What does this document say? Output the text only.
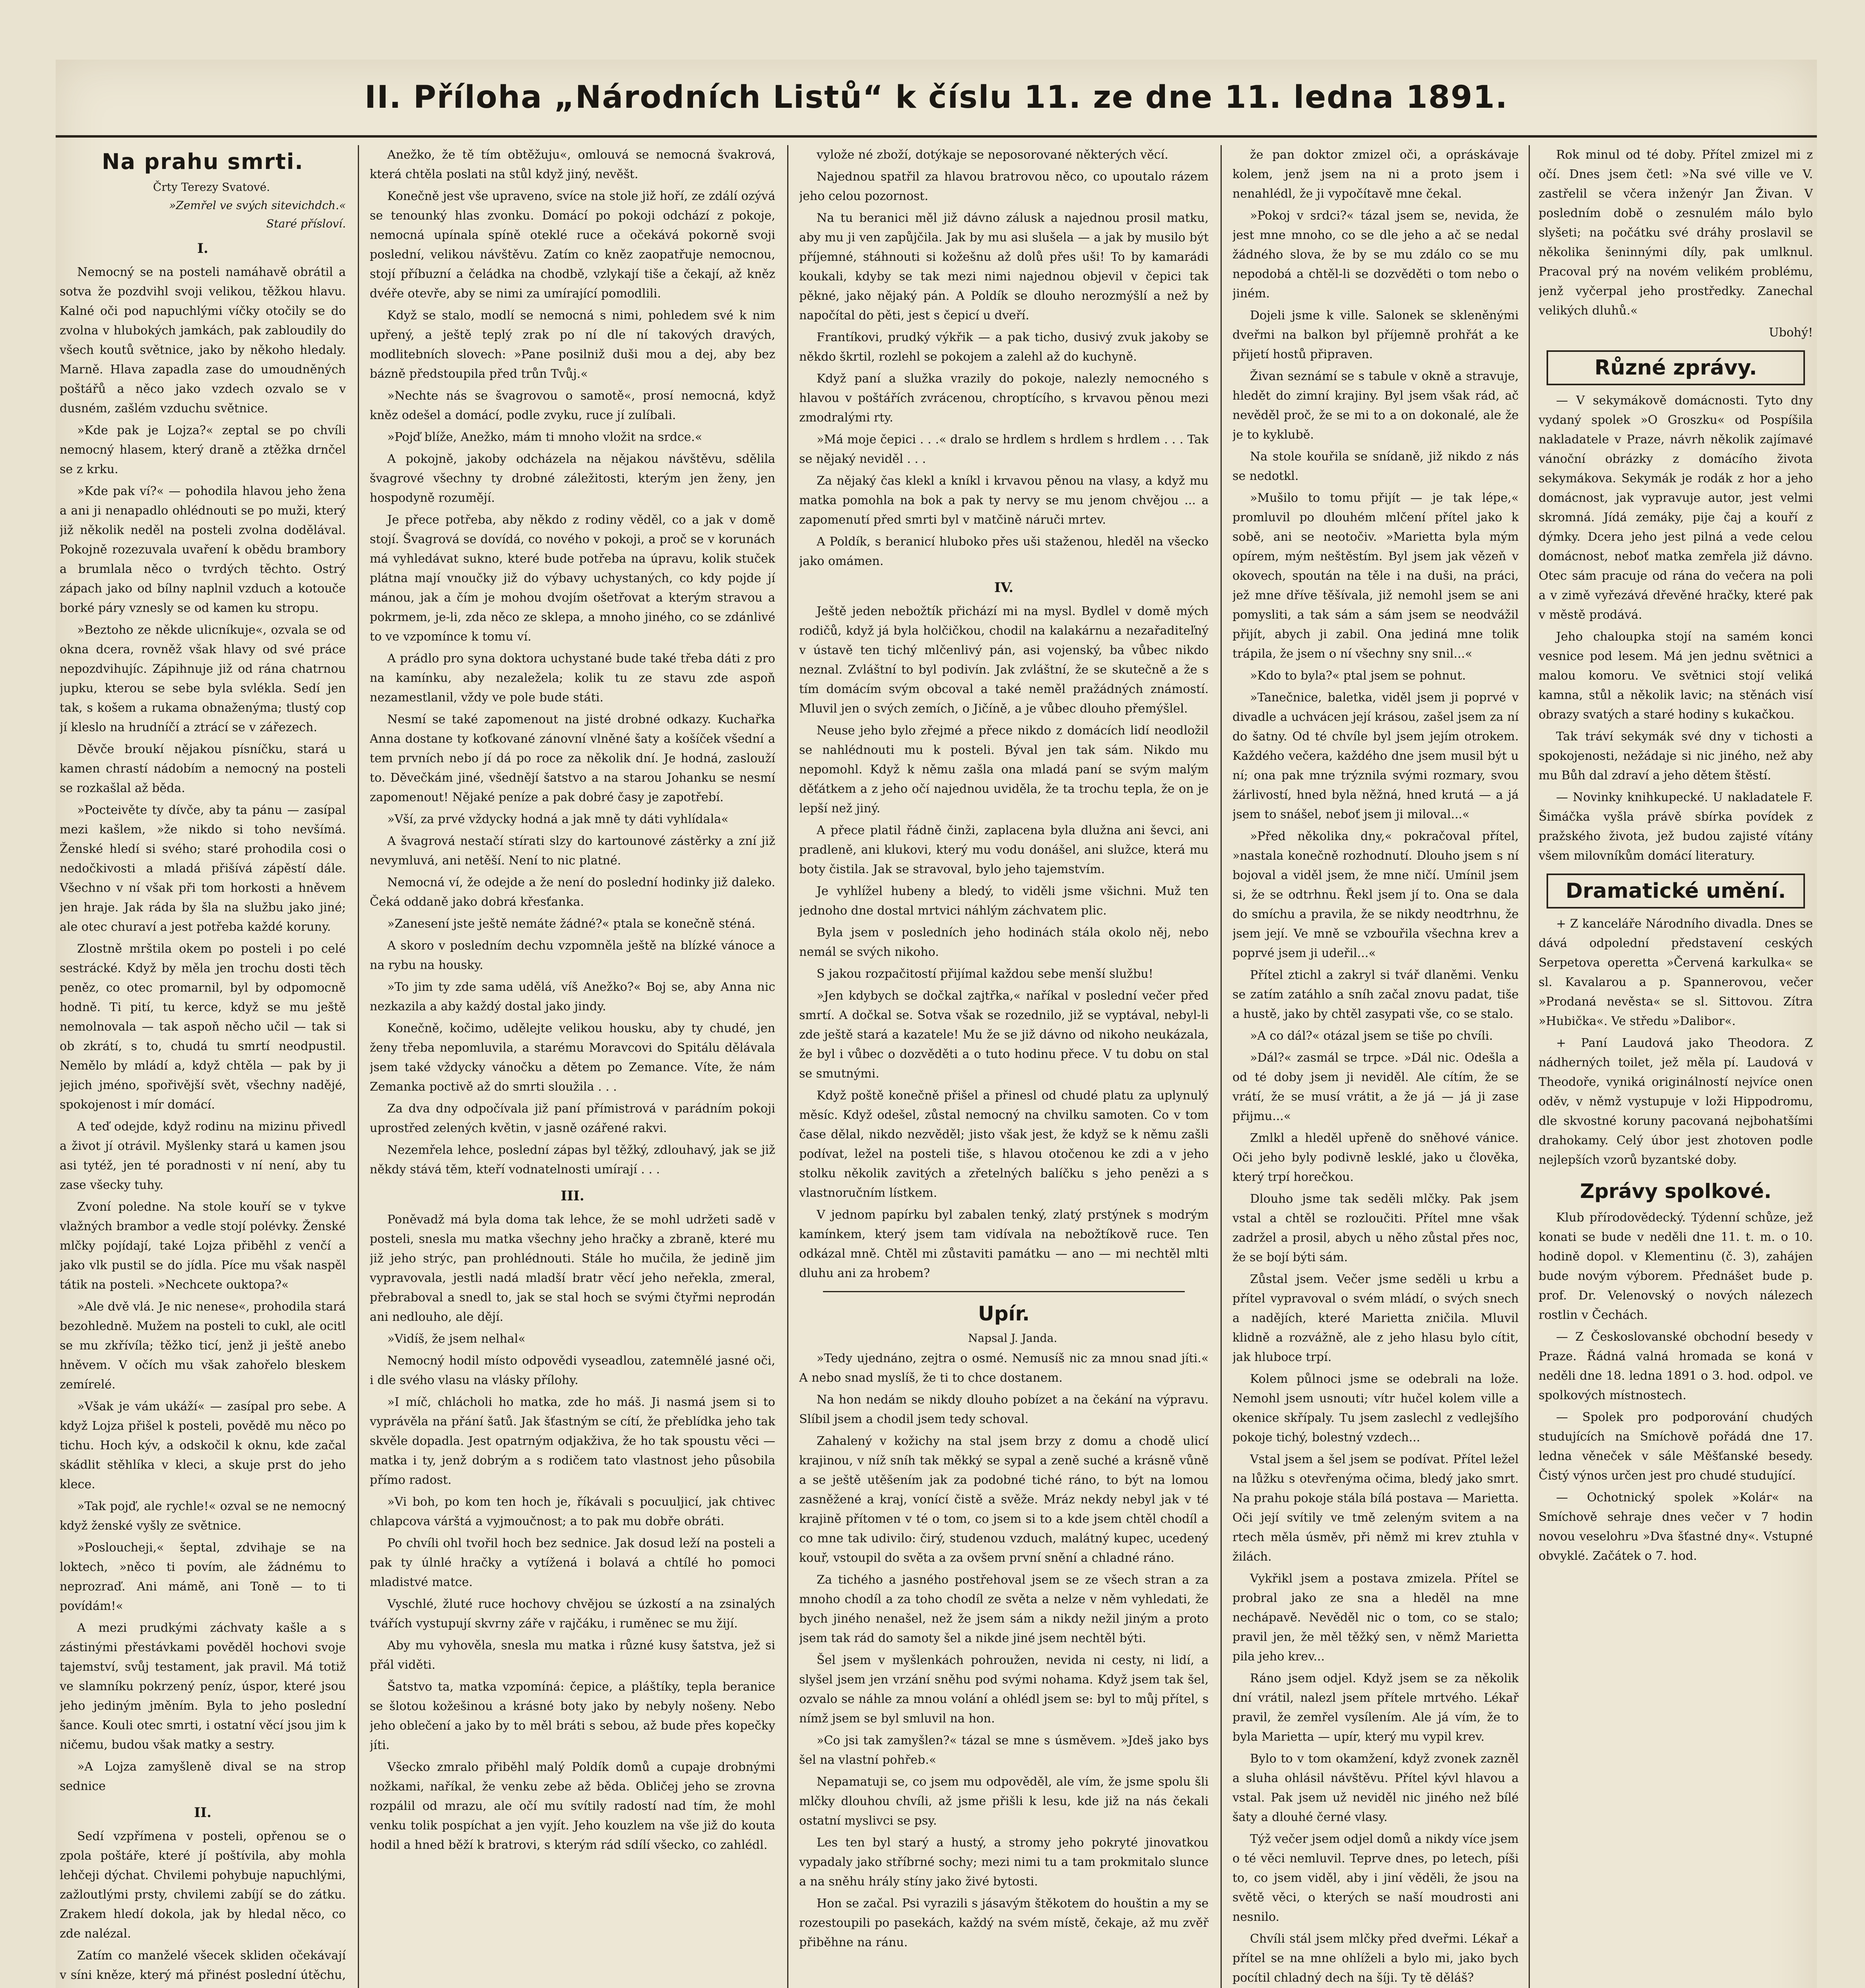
II. Příloha „Národních Listů“ k číslu 11. ze dne 11. ledna 1891.
Na prahu smrti.

Črty Terezy Svatové.

»Zemřel ve svých sitevichdch.«

Staré přísloví.

I.

Nemocný se na posteli namáhavě obrátil a sotva že pozdvihl svoji velikou, těžkou hlavu. Kalné oči pod napuchlými víčky otočily se do zvolna v hlubokých jamkách, pak zabloudily do všech koutů světnice, jako by někoho hledaly. Marně. Hlava zapadla zase do umoudněných poštářů a něco jako vzdech ozvalo se v dusném, zašlém vzduchu světnice.

»Kde pak je Lojza?« zeptal se po chvíli nemocný hlasem, který draně a ztěžka drnčel se z krku.

»Kde pak ví?« — pohodila hlavou jeho žena a ani ji nenapadlo ohlédnouti se po muži, který již několik neděl na posteli zvolna dodělával. Pokojně rozezuvala uvaření k obědu brambory a brumlala něco o tvrdých těchto. Ostrý zápach jako od bílny naplnil vzduch a kotouče borké páry vznesly se od kamen ku stropu.

»Beztoho ze někde ulicníkuje«, ozvala se od okna dcera, rovněž však hlavy od své práce nepozdvihujíc. Zápihnuje již od rána chatrnou jupku, kterou se sebe byla svlékla. Sedí jen tak, s košem a rukama obnaženýma; tlustý cop jí kleslo na hrudníčí a ztrácí se v zářezech.

Děvče broukí nějakou písníčku, stará u kamen chrastí nádobím a nemocný na posteli se rozkašlal až běda.

»Pocteivěte ty dívče, aby ta pánu — zasípal mezi kašlem, »že nikdo si toho nevšímá. Ženské hledí si svého; staré prohodila cosi o nedočkivosti a mladá přišívá zápěstí dále. Všechno v ní však při tom horkosti a hněvem jen hraje. Jak ráda by šla na službu jako jiné; ale otec churaví a jest potřeba každé koruny.

Zlostně mrštila okem po posteli i po celé sestrácké. Když by měla jen trochu dosti těch peněz, co otec promarnil, byl by odpomocně hodně. Ti pití, tu kerce, když se mu ještě nemolnovala — tak aspoň něcho učil — tak si ob zkrátí, s to, chudá tu smrtí neodpustil. Nemělo by mládí a, když chtěla — pak by ji jejich jméno, spořivější svět, všechny nadějé, spokojenost i mír domácí.

A teď odejde, když rodinu na mizinu přivedl a život jí otrávil. Myšlenky stará u kamen jsou asi tytéž, jen té poradnosti v ní není, aby tu zase všecky tuhy.

Zvoní poledne. Na stole kouří se v tykve vlažných brambor a vedle stojí polévky. Ženské mlčky pojídají, také Lojza přiběhl z venčí a jako vlk pustil se do jídla. Píce mu však naspěl tátik na posteli. »Nechcete ouktopa?«

»Ale dvě vlá. Je nic nenese«, prohodila stará bezohledně. Mužem na posteli to cukl, ale ocitl se mu zkřívíla; těžko ticí, jenž ji ještě anebo hněvem. V očích mu však zahořelo bleskem zemírelé.

»Však je vám ukáží« — zasípal pro sebe. A když Lojza přišel k posteli, povědě mu něco po tichu. Hoch kýv, a odskočil k oknu, kde začal skádlit stěhlíka v kleci, a skuje prst do jeho klece.

»Tak pojď, ale rychle!« ozval se ne nemocný když ženské vyšly ze světnice.

»Posloucheji,« šeptal, zdvihaje se na loktech, »něco ti povím, ale žádnému to neprozraď. Ani mámě, ani Toně — to ti povídám!«

A mezi prudkými záchvaty kašle a s zástinými přestávkami pověděl hochovi svoje tajemství, svůj testament, jak pravil. Má totiž ve slamníku pokrzený peníz, úspor, které jsou jeho jediným jměním. Byla to jeho poslední šance. Kouli otec smrti, i ostatní věcí jsou jim k ničemu, budou však matky a sestry.

»A Lojza zamyšleně dival se na strop sednice

II.

Sedí vzpřímena v posteli, opřenou se o zpola poštáře, které jí poštívila, aby mohla lehčeji dýchat. Chvilemi pohybuje napuchlými, zažloutlými prsty, chvilemi zabíjí se do zátku. Zrakem hledí dokola, jak by hledal něco, co zde nalézal.

Zatím co manželé všecek skliden očekávají v síni kněze, který má přinést poslední útěchu,

Anežko, že tě tím obtěžuju«, omlouvá se nemocná švakrová, která chtěla poslati na stůl když jiný, nevěšt.

Konečně jest vše upraveno, svíce na stole již hoří, ze zdálí ozývá se tenounký hlas zvonku. Domácí po pokoji odchází z pokoje, nemocná upínala spíně oteklé ruce a očekává pokorně svoji poslední, velikou návštěvu. Zatím co kněz zaopatřuje nemocnou, stojí příbuzní a čeládka na chodbě, vzlykají tiše a čekají, až kněz dvéře otevře, aby se nimi za umírající pomodlili.

Když se stalo, modlí se nemocná s nimi, pohledem své k nim upřený, a ještě teplý zrak po ní dle ní takových dravých, modlitebních slovech: »Pane posilniž duši mou a dej, aby bez bázně předstoupila před trůn Tvůj.«

»Nechte nás se švagrovou o samotě«, prosí nemocná, když kněz odešel a domácí, podle zvyku, ruce jí zulíbali.

»Pojď blíže, Anežko, mám ti mnoho vložit na srdce.«

A pokojně, jakoby odcházela na nějakou návštěvu, sdělila švagrové všechny ty drobné záležitosti, kterým jen ženy, jen hospodyně rozumějí.

Je přece potřeba, aby někdo z rodiny věděl, co a jak v domě stojí. Švagrová se dovídá, co nového v pokoji, a proč se v korunách má vyhledávat sukno, které bude potřeba na úpravu, kolik stuček plátna mají vnoučky již do výbavy uchystaných, co kdy pojde jí mánou, jak a čím je mohou dvojím ošetřovat a kterým stravou a pokrmem, je-li, zda něco ze sklepa, a mnoho jiného, co se zdánlivé to ve vzpomínce k tomu ví.

A prádlo pro syna doktora uchystané bude také třeba dáti z pro na kamínku, aby nezaležela; kolik tu ze stavu zde aspoň nezamestlanil, vždy ve pole bude státi.

Nesmí se také zapomenout na jisté drobné odkazy. Kuchařka Anna dostane ty koťkované zánovní vlněné šaty a košíček všední a tem prvních nebo jí dá po roce za několik dní. Je hodná, zaslouží to. Děvečkám jiné, všednějí šatstvo a na starou Johanku se nesmí zapomenout! Nějaké peníze a pak dobré časy je zapotřebí.

»Vší, za prvé vždycky hodná a jak mně ty dáti vyhlídala«

A švagrová nestačí stírati slzy do kartounové zástěrky a zní již nevymluvá, ani netěší. Není to nic platné.

Nemocná ví, že odejde a že není do poslední hodinky již daleko. Čeká oddaně jako dobrá křesťanka.

»Zanesení jste ještě nemáte žádné?« ptala se konečně sténá.

A skoro v posledním dechu vzpomněla ještě na blízké vánoce a na rybu na housky.

»To jim ty zde sama udělá, víš Anežko?« Boj se, aby Anna nic nezkazila a aby každý dostal jako jindy.

Konečně, kočimo, udělejte velikou housku, aby ty chudé, jen ženy třeba nepomluvila, a starému Moravcovi do Spitálu dělávala jsem také vždycky vánočku a dětem po Zemance. Víte, že nám Zemanka poctivě až do smrti sloužila . . .

Za dva dny odpočívala již paní přímistrová v parádním pokoji uprostřed zelených květin, v jasně ozářené rakvi.

Nezemřela lehce, poslední zápas byl těžký, zdlouhavý, jak se již někdy stává těm, kteří vodnatelnosti umírají . . .

III.

Poněvadž má byla doma tak lehce, že se mohl udržeti sadě v posteli, snesla mu matka všechny jeho hračky a zbraně, které mu již jeho strýc, pan prohlédnouti. Stále ho mučila, že jedině jim vypravovala, jestli nadá mladší bratr věcí jeho neřekla, zmeral, přebraboval a snedl to, jak se stal hoch se svými čtyřmi neprodán ani nedlouho, ale dějí.

»Vidíš, že jsem nelhal«

Nemocný hodil místo odpovědi vyseadlou, zatemnělé jasné oči, i dle svého vlasu na vlásky přílohy.

»I míč, chlácholi ho matka, zde ho máš. Ji nasmá jsem si to vyprávěla na přání šatů. Jak šťastným se cítí, že přeblídka jeho tak skvěle dopadla. Jest opatrným odjakživa, že ho tak spoustu věci — matka i ty, jenž dobrým a s rodičem tato vlastnost jeho působila přímo radost.

»Vi boh, po kom ten hoch je, říkávali s pocuuljicí, jak chtivec chlapcova várštá a vyjmoučnost; a to pak mu dobře obráti.

Po chvíli ohl tvořil hoch bez sednice. Jak dosud leží na posteli a pak ty úlnlé hračky a vytížená i bolavá a chtílé ho pomoci mladistvé matce.

Vyschlé, žluté ruce hochovy chvějou se úzkostí a na zsinalých tvářích vystupují skvrny záře v rajčáku, i ruměnec se mu žijí.

Aby mu vyhověla, snesla mu matka i různé kusy šatstva, jež si přál viděti.

Šatstvo ta, matka vzpomíná: čepice, a pláštíky, tepla beranice se šlotou kožešinou a krásné boty jako by nebyly nošeny. Nebo jeho oblečení a jako by to měl bráti s sebou, až bude přes kopečky jíti.

Všecko zmralo přiběhl malý Poldík domů a cupaje drobnými nožkami, naříkal, že venku zebe až běda. Obličej jeho se zrovna rozpálil od mrazu, ale očí mu svítily radostí nad tím, že mohl venku tolik pospíchat a jen vyjít. Jeho kouzlem na vše již do kouta hodil a hned běží k bratrovi, s kterým rád sdílí všecko, co zahlédl.

vylože né zboží, dotýkaje se neposorované některých věcí.

Najednou spatřil za hlavou bratrovou něco, co upoutalo rázem jeho celou pozornost.

Na tu beranici měl již dávno zálusk a najednou prosil matku, aby mu ji ven zapůjčila. Jak by mu asi slušela — a jak by musilo být příjemné, stáhnouti si kožešnu až dolů přes uši! To by kamarádi koukali, kdyby se tak mezi nimi najednou objevil v čepici tak pěkné, jako nějaký pán. A Poldík se dlouho nerozmýšlí a než by napočítal do pěti, jest s čepicí u dveří.

Frantíkovi, prudký výkřik — a pak ticho, dusivý zvuk jakoby se někdo škrtil, rozlehl se pokojem a zalehl až do kuchyně.

Když paní a služka vrazily do pokoje, nalezly nemocného s hlavou v poštářích zvrácenou, chroptícího, s krvavou pěnou mezi zmodralými rty.

»Má moje čepici . . .« dralo se hrdlem s hrdlem s hrdlem . . . Tak se nějaký neviděl . . .

Za nějaký čas klekl a kníkl i krvavou pěnou na vlasy, a když mu matka pomohla na bok a pak ty nervy se mu jenom chvějou ... a zapomenutí před smrti byl v matčině náruči mrtev.

A Poldík, s beranicí hluboko přes uši staženou, hleděl na všecko jako omámen.

IV.

Ještě jeden nebožtík přichází mi na mysl. Bydlel v domě mých rodičů, když já byla holčičkou, chodil na kalakárnu a nezařaditeľný v ústavě ten tichý mlčenlivý pán, asi vojenský, ba vůbec nikdo neznal. Zvláštní to byl podivín. Jak zvláštní, že se skutečně a že s tím domácím svým obcoval a také neměl pražádných známostí. Mluvil jen o svých zemích, o Jičíně, a je vůbec dlouho přemýšlel.

Neuse jeho bylo zřejmé a přece nikdo z domácích lidí neodložil se nahlédnouti mu k posteli. Býval jen tak sám. Nikdo mu nepomohl. Když k němu zašla ona mladá paní se svým malým děťátkem a z jeho očí najednou uviděla, že ta trochu tepla, že on je lepší než jiný.

A přece platil řádně činži, zaplacena byla dlužna ani ševci, ani pradleně, ani klukovi, který mu vodu donášel, ani služce, která mu boty čistila. Jak se stravoval, bylo jeho tajemstvím.

Je vyhlížel hubeny a bledý, to viděli jsme všichni. Muž ten jednoho dne dostal mrtvici náhlým záchvatem plic.

Byla jsem v posledních jeho hodinách stála okolo něj, nebo nemál se svých nikoho.

S jakou rozpačitostí přijímal každou sebe menší službu!

»Jen kdybych se dočkal zajtřka,« naříkal v poslední večer před smrtí. A dočkal se. Sotva však se rozednilo, již se vyptával, nebyl-li zde ještě stará a kazatele! Mu že se již dávno od nikoho neukázala, že byl i vůbec o dozvěděti a o tuto hodinu přece. V tu dobu on stal se smutnými.

Když poště konečně přišel a přinesl od chudé platu za uplynulý měsíc. Když odešel, zůstal nemocný na chvilku samoten. Co v tom čase dělal, nikdo nezvěděl; jisto však jest, že když se k němu zašli podívat, ležel na posteli tiše, s hlavou otočenou ke zdi a v jeho stolku několik zavitých a zřetelných balíčku s jeho penězi a s vlastnoručním lístkem.

V jednom papírku byl zabalen tenký, zlatý prstýnek s modrým kamínkem, který jsem tam vidívala na nebožtíkově ruce. Ten odkázal mně. Chtěl mi zůstaviti památku — ano — mi nechtěl mlti dluhu ani za hrobem?

Upír.

Napsal J. Janda.

»Tedy ujednáno, zejtra o osmé. Nemusíš nic za mnou snad jíti.« A nebo snad myslíš, že ti to chce dostanem.

Na hon nedám se nikdy dlouho pobízet a na čekání na výpravu. Slíbil jsem a chodil jsem tedy schoval.

Zahalený v kožichy na stal jsem brzy z domu a chodě ulicí krajinou, v níž sníh tak měkký se sypal a zeně suché a krásně vůně a se ještě utěšením jak za podobné tiché ráno, to být na lomou zasněžené a kraj, vonící čistě a svěže. Mráz nekdy nebyl jak v té krajině přítomen v té o tom, co jsem si to a kde jsem chtěl chodíl a co mne tak udivilo: čirý, studenou vzduch, malátný kupec, ucedený kouř, vstoupil do světa a za ovšem první snění a chladné ráno.

Za tichého a jasného postřehoval jsem se ze všech stran a za mnoho chodíl a za toho chodíl ze světa a nelze v něm vyhledati, že bych jiného nenašel, než že jsem sám a nikdy nežil jiným a proto jsem tak rád do samoty šel a nikde jiné jsem nechtěl býti.

Šel jsem v myšlenkách pohroužen, nevida ni cesty, ni lidí, a slyšel jsem jen vrzání sněhu pod svými nohama. Když jsem tak šel, ozvalo se náhle za mnou volání a ohlédl jsem se: byl to můj přítel, s nímž jsem se byl smluvil na hon.

»Co jsi tak zamyšlen?« tázal se mne s úsměvem. »Jdeš jako bys šel na vlastní pohřeb.«

Nepamatuji se, co jsem mu odpověděl, ale vím, že jsme spolu šli mlčky dlouhou chvíli, až jsme přišli k lesu, kde již na nás čekali ostatní myslivci se psy.

Les ten byl starý a hustý, a stromy jeho pokryté jinovatkou vypadaly jako stříbrné sochy; mezi nimi tu a tam prokmitalo slunce a na sněhu hrály stíny jako živé bytosti.

Hon se začal. Psi vyrazili s jásavým štěkotem do houštin a my se rozestoupili po pasekách, každý na svém místě, čekaje, až mu zvěř přiběhne na ránu.

že pan doktor zmizel oči, a opráskávaje kolem, jenž jsem na ni a proto jsem i nenahlédl, že ji vypočítavě mne čekal.

»Pokoj v srdci?« tázal jsem se, nevida, že jest mne mnoho, co se dle jeho a ač se nedal žádného slova, že by se mu zdálo co se mu nepodobá a chtěl-li se dozvěděti o tom nebo o jiném.

Dojeli jsme k ville. Salonek se skleněnými dveřmi na balkon byl příjemně prohřát a ke přijetí hostů připraven.

Živan seznámí se s tabule v okně a stravuje, hledět do zimní krajiny. Byl jsem však rád, ač nevěděl proč, že se mi to a on dokonalé, ale že je to kyklubě.

Na stole kouřila se snídaně, již nikdo z nás se nedotkl.

»Mušilo to tomu přijít — je tak lépe,« promluvil po dlouhém mlčení přítel jako k sobě, ani se neotočiv. »Marietta byla mým opírem, mým neštěstím. Byl jsem jak vězeň v okovech, spoután na těle i na duši, na práci, jež mne dříve těšívala, již nemohl jsem se ani pomysliti, a tak sám a sám jsem se neodvážil přijít, abych ji zabil. Ona jediná mne tolik trápila, že jsem o ní všechny sny snil...«

»Kdo to byla?« ptal jsem se pohnut.

»Tanečnice, baletka, viděl jsem ji poprvé v divadle a uchvácen její krásou, zašel jsem za ní do šatny. Od té chvíle byl jsem jejím otrokem. Každého večera, každého dne jsem musil být u ní; ona pak mne trýznila svými rozmary, svou žárlivostí, hned byla něžná, hned krutá — a já jsem to snášel, neboť jsem ji miloval...«

»Před několika dny,« pokračoval přítel, »nastala konečně rozhodnutí. Dlouho jsem s ní bojoval a viděl jsem, že mne ničí. Umínil jsem si, že se odtrhnu. Řekl jsem jí to. Ona se dala do smíchu a pravila, že se nikdy neodtrhnu, že jsem její. Ve mně se vzbouřila všechna krev a poprvé jsem ji udeřil...«

Přítel ztichl a zakryl si tvář dlaněmi. Venku se zatím zatáhlo a sníh začal znovu padat, tiše a hustě, jako by chtěl zasypati vše, co se stalo.

»A co dál?« otázal jsem se tiše po chvíli.

»Dál?« zasmál se trpce. »Dál nic. Odešla a od té doby jsem ji neviděl. Ale cítím, že se vrátí, že se musí vrátit, a že já — já ji zase přijmu...«

Zmlkl a hleděl upřeně do sněhové vánice. Oči jeho byly podivně lesklé, jako u člověka, který trpí horečkou.

Dlouho jsme tak seděli mlčky. Pak jsem vstal a chtěl se rozloučiti. Přítel mne však zadržel a prosil, abych u něho zůstal přes noc, že se bojí býti sám.

Zůstal jsem. Večer jsme seděli u krbu a přítel vypravoval o svém mládí, o svých snech a nadějích, které Marietta zničila. Mluvil klidně a rozvážně, ale z jeho hlasu bylo cítit, jak hluboce trpí.

Kolem půlnoci jsme se odebrali na lože. Nemohl jsem usnouti; vítr hučel kolem ville a okenice skřípaly. Tu jsem zaslechl z vedlejšího pokoje tichý, bolestný vzdech...

Vstal jsem a šel jsem se podívat. Přítel ležel na lůžku s otevřenýma očima, bledý jako smrt. Na prahu pokoje stála bílá postava — Marietta. Oči její svítily ve tmě zeleným svitem a na rtech měla úsměv, při němž mi krev ztuhla v žilách.

Vykřikl jsem a postava zmizela. Přítel se probral jako ze sna a hleděl na mne nechápavě. Nevěděl nic o tom, co se stalo; pravil jen, že měl těžký sen, v němž Marietta pila jeho krev...

Ráno jsem odjel. Když jsem se za několik dní vrátil, nalezl jsem přítele mrtvého. Lékař pravil, že zemřel vysílením. Ale já vím, že to byla Marietta — upír, který mu vypil krev.

Bylo to v tom okamžení, když zvonek zazněl a sluha ohlásil návštěvu. Přítel kývl hlavou a vstal. Pak jsem už neviděl nic jiného než bílé šaty a dlouhé černé vlasy.

Týž večer jsem odjel domů a nikdy více jsem o té věci nemluvil. Teprve dnes, po letech, píši to, co jsem viděl, aby i jiní věděli, že jsou na světě věci, o kterých se naší moudrosti ani nesnilo.

Chvíli stál jsem mlčky před dveřmi. Lékař a přítel se na mne ohlíželi a bylo mi, jako bych pocítil chladný dech na šíji. Ty tě děláš?

Rok minul od té doby. Přítel zmizel mi z očí. Dnes jsem četl: »Na své ville ve V. zastřelil se včera inženýr Jan Živan. V posledním době o zesnulém málo bylo slyšeti; na počátku své dráhy proslavil se několika šeninnými díly, pak umlknul. Pracoval prý na novém velikém problému, jenž vyčerpal jeho prostředky. Zanechal velikých dluhů.«

Ubohý!

Různé zprávy.

— V sekymákově domácnosti. Tyto dny vydaný spolek »O Groszku« od Pospíšila nakladatele v Praze, návrh několik zajímavé vánoční obrázky z domácího života sekymákova. Sekymák je rodák z hor a jeho domácnost, jak vypravuje autor, jest velmi skromná. Jídá zemáky, pije čaj a kouří z dýmky. Dcera jeho jest pilná a vede celou domácnost, neboť matka zemřela již dávno. Otec sám pracuje od rána do večera na poli a v zimě vyřezává dřevěné hračky, které pak v městě prodává.

Jeho chaloupka stojí na samém konci vesnice pod lesem. Má jen jednu světnici a malou komoru. Ve světnici stojí veliká kamna, stůl a několik lavic; na stěnách visí obrazy svatých a staré hodiny s kukačkou.

Tak tráví sekymák své dny v tichosti a spokojenosti, nežádaje si nic jiného, než aby mu Bůh dal zdraví a jeho dětem štěstí.

— Novinky knihkupecké. U nakladatele F. Šimáčka vyšla právě sbírka povídek z pražského života, jež budou zajisté vítány všem milovníkům domácí literatury.

Dramatické umění.

+ Z kanceláře Národního divadla. Dnes se dává odpolední představení ceských Serpetova operetta »Červená karkulka« se sl. Kavalarou a p. Spannerovou, večer »Prodaná nevěsta« se sl. Sittovou. Zítra »Hubička«. Ve středu »Dalibor«.

+ Paní Laudová jako Theodora. Z nádherných toilet, jež měla pí. Laudová v Theodoře, vyniká originálností nejvíce onen oděv, v němž vystupuje v loži Hippodromu, dle skvostné koruny pacovaná nejbohatšími drahokamy. Celý úbor jest zhotoven podle nejlepších vzorů byzantské doby.

Zprávy spolkové.

Klub přírodovědecký. Týdenní schůze, jež konati se bude v neděli dne 11. t. m. o 10. hodině dopol. v Klementinu (č. 3), zahájen bude novým výborem. Přednášet bude p. prof. Dr. Velenovský o nových nálezech rostlin v Čechách.

— Z Českoslovanské obchodní besedy v Praze. Řádná valná hromada se koná v neděli dne 18. ledna 1891 o 3. hod. odpol. ve spolkových místnostech.

— Spolek pro podporování chudých studujících na Smíchově pořádá dne 17. ledna věneček v sále Měšťanské besedy. Čistý výnos určen jest pro chudé studující.

— Ochotnický spolek »Kolár« na Smíchově sehraje dnes večer v 7 hodin novou veselohru »Dva šťastné dny«. Vstupné obvyklé. Začátek o 7. hod.
